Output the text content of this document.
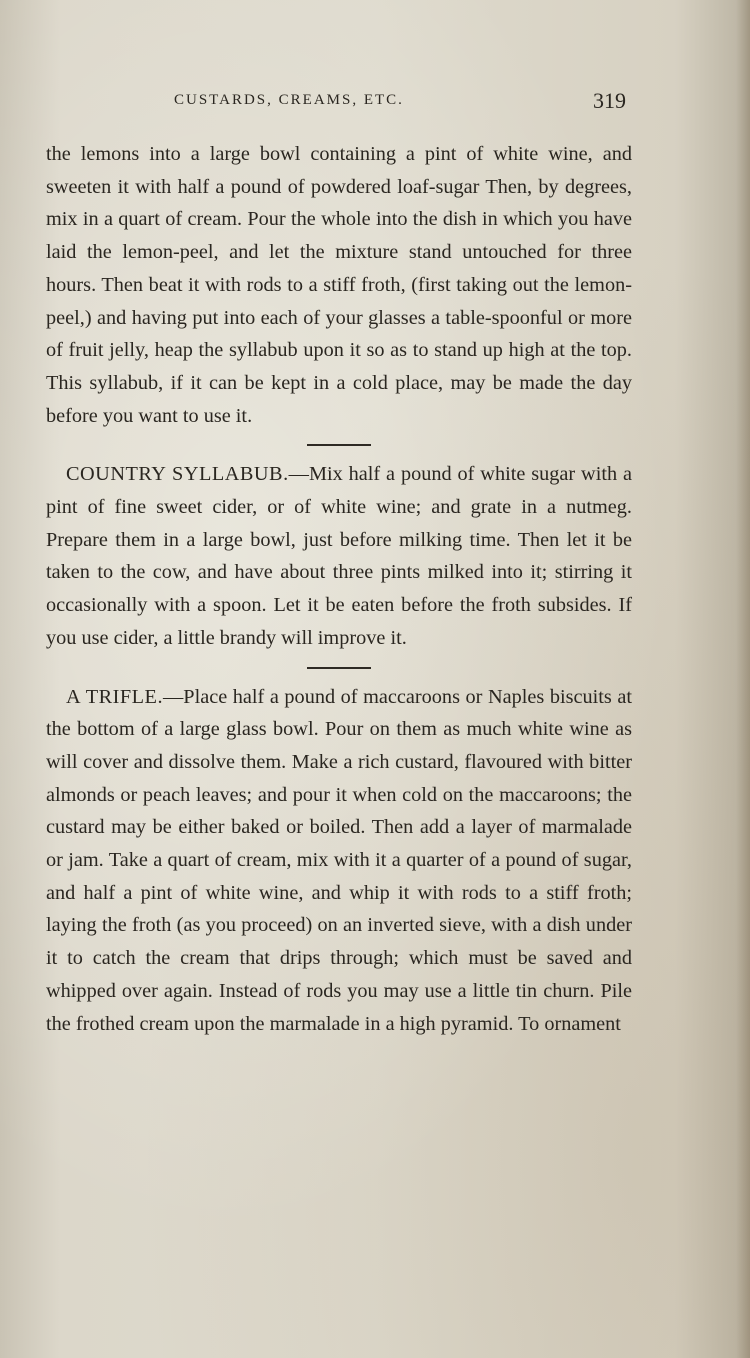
CUSTARDS, CREAMS, ETC.	319

the lemons into a large bowl containing a pint of white wine, and sweeten it with half a pound of powdered loaf-sugar Then, by degrees, mix in a quart of cream. Pour the whole into the dish in which you have laid the lemon-peel, and let the mixture stand untouched for three hours. Then beat it with rods to a stiff froth, (first taking out the lemon-peel,) and having put into each of your glasses a table-spoonful or more of fruit jelly, heap the syllabub upon it so as to stand up high at the top. This syllabub, if it can be kept in a cold place, may be made the day before you want to use it.

COUNTRY SYLLABUB.—Mix half a pound of white sugar with a pint of fine sweet cider, or of white wine; and grate in a nutmeg. Prepare them in a large bowl, just before milking time. Then let it be taken to the cow, and have about three pints milked into it; stirring it occasionally with a spoon. Let it be eaten before the froth subsides. If you use cider, a little brandy will improve it.

A TRIFLE.—Place half a pound of maccaroons or Naples biscuits at the bottom of a large glass bowl. Pour on them as much white wine as will cover and dissolve them. Make a rich custard, flavoured with bitter almonds or peach leaves; and pour it when cold on the maccaroons; the custard may be either baked or boiled. Then add a layer of marmalade or jam. Take a quart of cream, mix with it a quarter of a pound of sugar, and half a pint of white wine, and whip it with rods to a stiff froth; laying the froth (as you proceed) on an inverted sieve, with a dish under it to catch the cream that drips through; which must be saved and whipped over again. Instead of rods you may use a little tin churn. Pile the frothed cream upon the marmalade in a high pyramid. To ornament
